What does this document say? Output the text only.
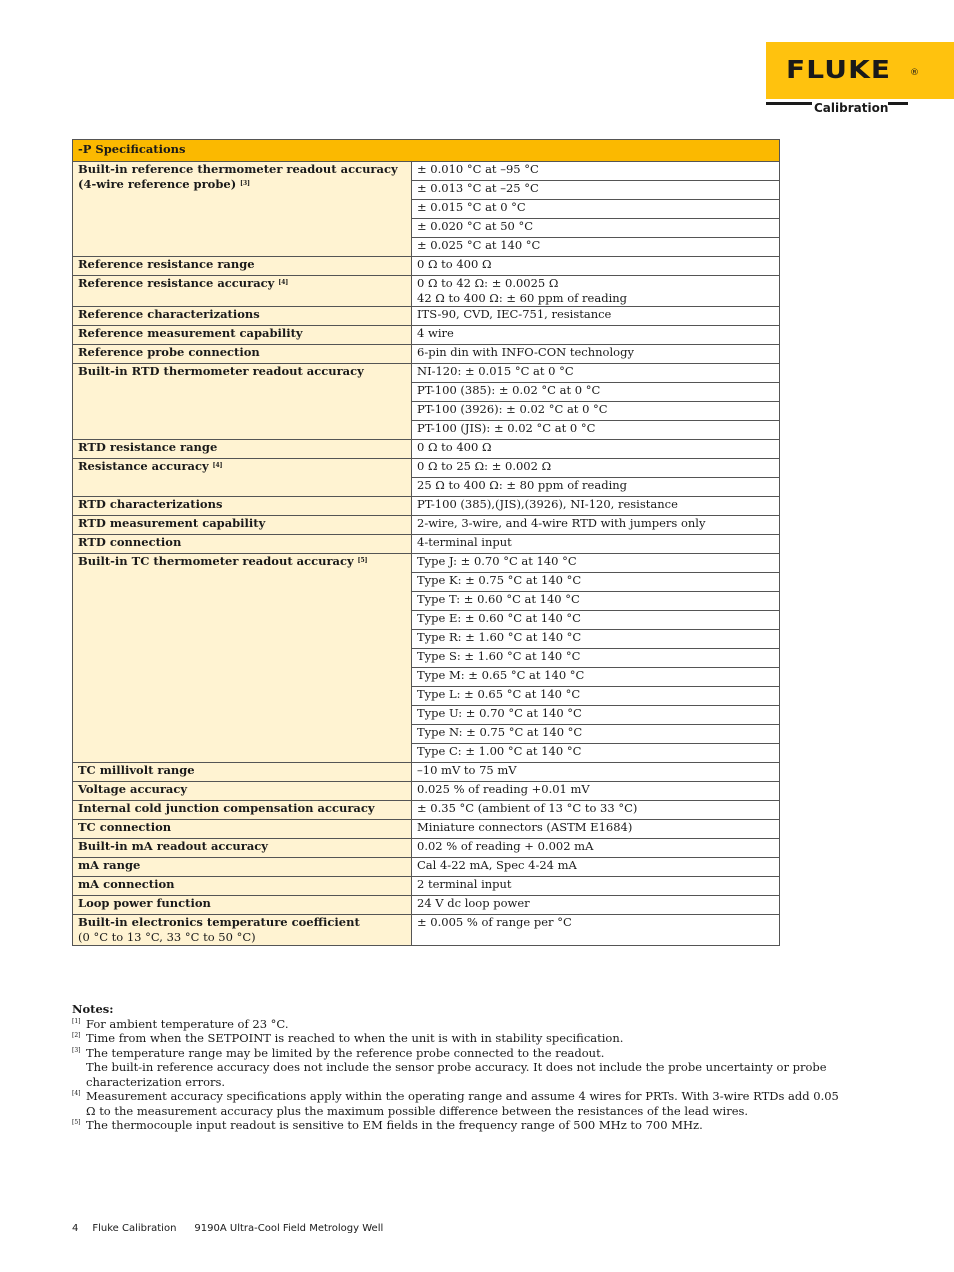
FLUKE ®
Calibration
-P Specifications	
Built-in reference thermometer readout accuracy (4-wire reference probe) [3]	± 0.010 °C at –95 °C
	± 0.013 °C at –25 °C
	± 0.015 °C at 0 °C
	± 0.020 °C at 50 °C
	± 0.025 °C at 140 °C
Reference resistance range	0 Ω to 400 Ω
Reference resistance accuracy [4]	0 Ω to 42 Ω: ± 0.0025 Ω
42 Ω to 400 Ω: ± 60 ppm of reading
Reference characterizations	ITS-90, CVD, IEC-751, resistance
Reference measurement capability	4 wire
Reference probe connection	6-pin din with INFO-CON technology
Built-in RTD thermometer readout accuracy	NI-120: ± 0.015 °C at 0 °C
	PT-100 (385): ± 0.02 °C at 0 °C
	PT-100 (3926): ± 0.02 °C at 0 °C
	PT-100 (JIS): ± 0.02 °C at 0 °C
RTD resistance range	0 Ω to 400 Ω
Resistance accuracy [4]	0 Ω to 25 Ω: ± 0.002 Ω
	25 Ω to 400 Ω: ± 80 ppm of reading
RTD characterizations	PT-100 (385),(JIS),(3926), NI-120, resistance
RTD measurement capability	2-wire, 3-wire, and 4-wire RTD with jumpers only
RTD connection	4-terminal input
Built-in TC thermometer readout accuracy [5]	Type J: ± 0.70 °C at 140 °C
	Type K: ± 0.75 °C at 140 °C
	Type T: ± 0.60 °C at 140 °C
	Type E: ± 0.60 °C at 140 °C
	Type R: ± 1.60 °C at 140 °C
	Type S: ± 1.60 °C at 140 °C
	Type M: ± 0.65 °C at 140 °C
	Type L: ± 0.65 °C at 140 °C
	Type U: ± 0.70 °C at 140 °C
	Type N: ± 0.75 °C at 140 °C
	Type C: ± 1.00 °C at 140 °C
TC millivolt range	–10 mV to 75 mV
Voltage accuracy	0.025 % of reading +0.01 mV
Internal cold junction compensation accuracy	± 0.35 °C (ambient of 13 °C to 33 °C)
TC connection	Miniature connectors (ASTM E1684)
Built-in mA readout accuracy	0.02 % of reading + 0.002 mA
mA range	Cal 4-22 mA, Spec 4-24 mA
mA connection	2 terminal input
Loop power function	24 V dc loop power
Built-in electronics temperature coefficient
(0 °C to 13 °C, 33 °C to 50 °C)	± 0.005 % of range per °C
Notes:
[1] For ambient temperature of 23 °C.
[2] Time from when the SETPOINT is reached to when the unit is with in stability specification.
[3] The temperature range may be limited by the reference probe connected to the readout.
The built-in reference accuracy does not include the sensor probe accuracy. It does not include the probe uncertainty or probe characterization errors.
[4] Measurement accuracy specifications apply within the operating range and assume 4 wires for PRTs. With 3-wire RTDs add 0.05 Ω to the measurement accuracy plus the maximum possible difference between the resistances of the lead wires.
[5] The thermocouple input readout is sensitive to EM fields in the frequency range of 500 MHz to 700 MHz.
4 Fluke Calibration 9190A Ultra-Cool Field Metrology Well
